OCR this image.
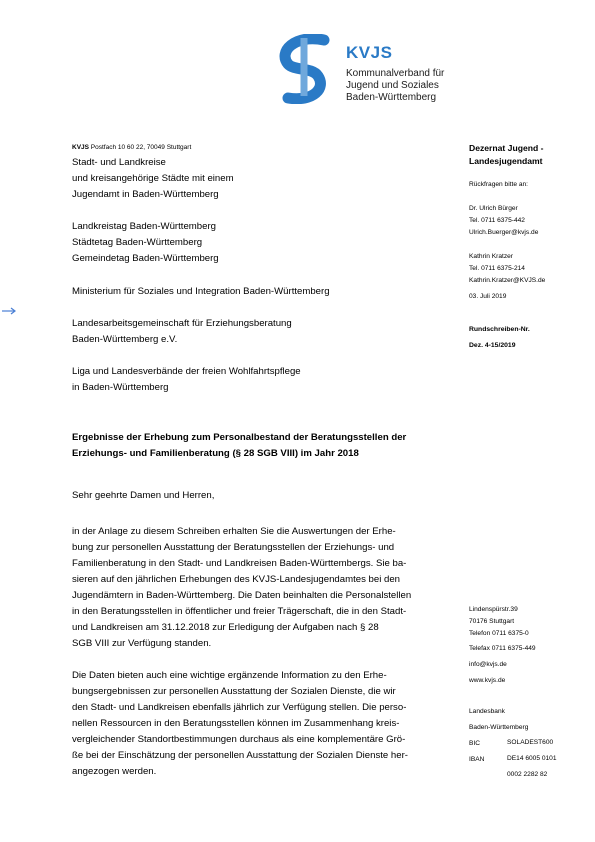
KVJS
Kommunalverband für
Jugend und Soziales
Baden-Württemberg
KVJS Postfach 10 60 22, 70049 Stuttgart
Stadt- und Landkreise
und kreisangehörige Städte mit einem
Jugendamt in Baden-Württemberg
Landkreistag Baden-Württemberg
Städtetag Baden-Württemberg
Gemeindetag Baden-Württemberg
Ministerium für Soziales und Integration Baden-Württemberg
Landesarbeitsgemeinschaft für Erziehungsberatung
Baden-Württemberg e.V.
Liga und Landesverbände der freien Wohlfahrtspflege
in Baden-Württemberg
Ergebnisse der Erhebung zum Personalbestand der Beratungsstellen der Erziehungs- und Familienberatung (§ 28 SGB VIII) im Jahr 2018
Sehr geehrte Damen und Herren,
in der Anlage zu diesem Schreiben erhalten Sie die Auswertungen der Erhe-
bung zur personellen Ausstattung der Beratungsstellen der Erziehungs- und
Familienberatung in den Stadt- und Landkreisen Baden-Württembergs. Sie ba-
sieren auf den jährlichen Erhebungen des KVJS-Landesjugendamtes bei den
Jugendämtern in Baden-Württemberg. Die Daten beinhalten die Personalstellen
in den Beratungsstellen in öffentlicher und freier Trägerschaft, die in den Stadt-
und Landkreisen am 31.12.2018 zur Erledigung der Aufgaben nach § 28
SGB VIII zur Verfügung standen.
Die Daten bieten auch eine wichtige ergänzende Information zu den Erhe-
bungsergebnissen zur personellen Ausstattung der Sozialen Dienste, die wir
den Stadt- und Landkreisen ebenfalls jährlich zur Verfügung stellen. Die perso-
nellen Ressourcen in den Beratungsstellen können im Zusammenhang kreis-
vergleichender Standortbestimmungen durchaus als eine komplementäre Grö-
ße bei der Einschätzung der personellen Ausstattung der Sozialen Dienste her-
angezogen werden.
Dezernat Jugend -
Landesjugendamt
Rückfragen bitte an:
Dr. Ulrich Bürger
Tel. 0711 6375-442
Ulrich.Buerger@kvjs.de
Kathrin Kratzer
Tel. 0711 6375-214
Kathrin.Kratzer@KVJS.de
03. Juli 2019
Rundschreiben-Nr.
Dez. 4-15/2019
Lindenspürstr.39
70176 Stuttgart
Telefon 0711 6375-0
Telefax 0711 6375-449
info@kvjs.de
www.kvjs.de
Landesbank
Baden-Württemberg
BIC	SOLADEST600
IBAN	DE14 6005 0101
0002 2282 82
